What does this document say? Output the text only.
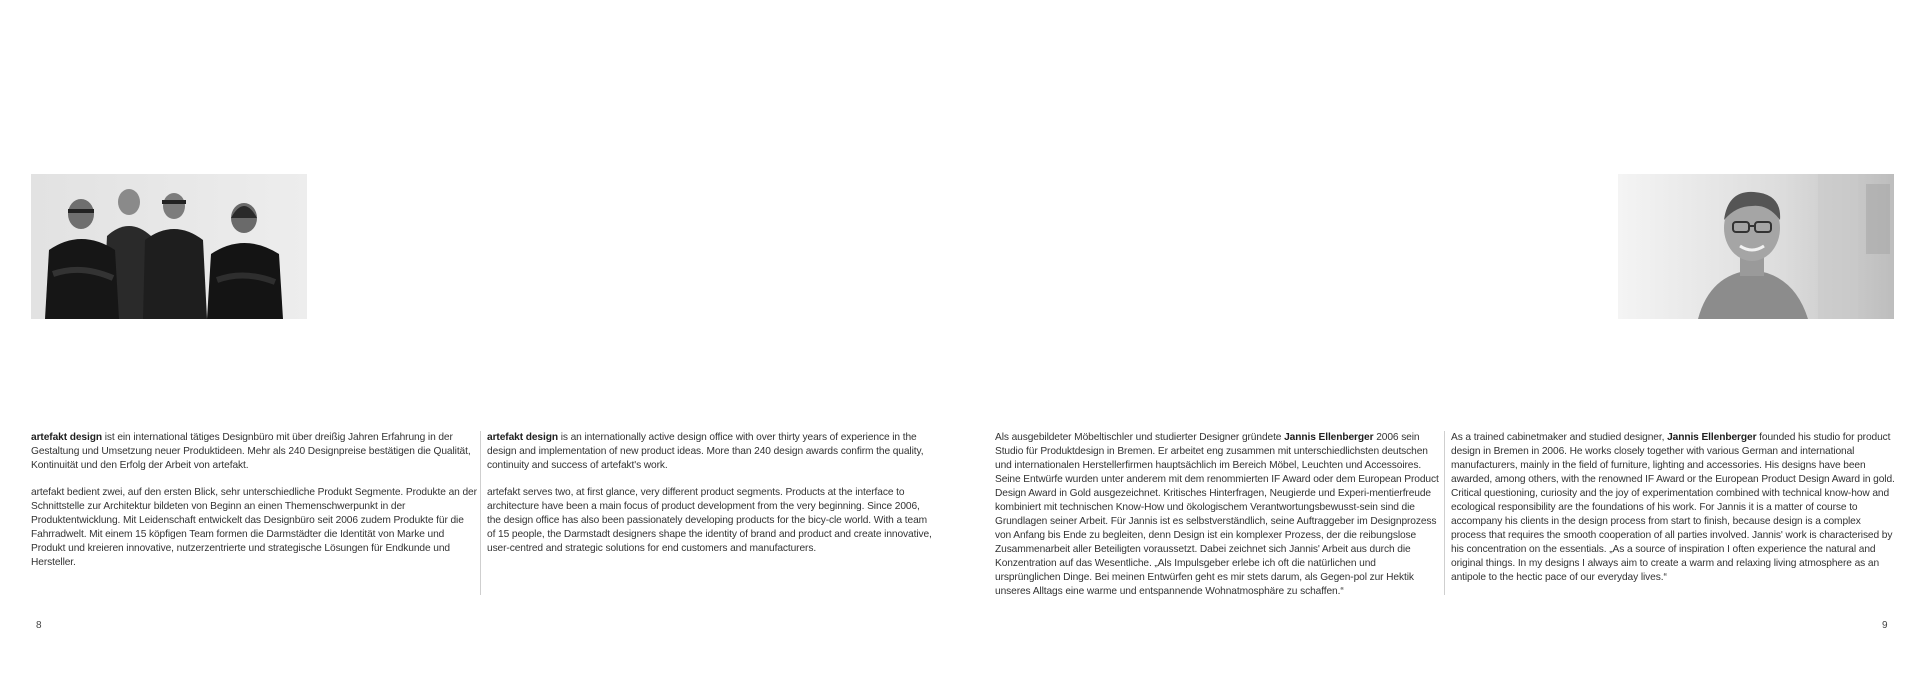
artefakt design ist ein international tätiges Designbüro mit über dreißig Jahren Erfahrung in der Gestaltung und Umsetzung neuer Produktideen. Mehr als 240 Designpreise bestätigen die Qualität, Kontinuität und den Erfolg der Arbeit von artefakt.

artefakt bedient zwei, auf den ersten Blick, sehr unterschiedliche Produkt Segmente. Produkte an der Schnittstelle zur Architektur bildeten von Beginn an einen Themenschwerpunkt in der Produktentwicklung. Mit Leidenschaft entwickelt das Designbüro seit 2006 zudem Produkte für die Fahrradwelt. Mit einem 15 köpfigen Team formen die Darmstädter die Identität von Marke und Produkt und kreieren innovative, nutzerzentrierte und strategische Lösungen für Endkunde und Hersteller.

artefakt design is an internationally active design office with over thirty years of experience in the design and implementation of new product ideas. More than 240 design awards confirm the quality, continuity and success of artefakt's work.

artefakt serves two, at first glance, very different product segments. Products at the interface to architecture have been a main focus of product development from the very beginning. Since 2006, the design office has also been passionately developing products for the bicy-cle world. With a team of 15 people, the Darmstadt designers shape the identity of brand and product and create innovative, user-centred and strategic solutions for end customers and manufacturers.

Als ausgebildeter Möbeltischler und studierter Designer gründete Jannis Ellenberger 2006 sein Studio für Produktdesign in Bremen. Er arbeitet eng zusammen mit unterschiedlichsten deutschen und internationalen Herstellerfirmen hauptsächlich im Bereich Möbel, Leuchten und Accessoires. Seine Entwürfe wurden unter anderem mit dem renommierten IF Award oder dem European Product Design Award in Gold ausgezeichnet. Kritisches Hinterfragen, Neugierde und Experi-mentierfreude kombiniert mit technischen Know-How und ökologischem Verantwortungsbewusst-sein sind die Grundlagen seiner Arbeit. Für Jannis ist es selbstverständlich, seine Auftraggeber im Designprozess von Anfang bis Ende zu begleiten, denn Design ist ein komplexer Prozess, der die reibungslose Zusammenarbeit aller Beteiligten voraussetzt. Dabei zeichnet sich Jannis' Arbeit aus durch die Konzentration auf das Wesentliche. „Als Impulsgeber erlebe ich oft die natürlichen und ursprünglichen Dinge. Bei meinen Entwürfen geht es mir stets darum, als Gegen-pol zur Hektik unseres Alltags eine warme und entspannende Wohnatmosphäre zu schaffen.“

As a trained cabinetmaker and studied designer, Jannis Ellenberger founded his studio for product design in Bremen in 2006. He works closely together with various German and international manufacturers, mainly in the field of furniture, lighting and accessories. His designs have been awarded, among others, with the renowned IF Award or the European Product Design Award in gold. Critical questioning, curiosity and the joy of experimentation combined with technical know-how and ecological responsibility are the foundations of his work. For Jannis it is a matter of course to accompany his clients in the design process from start to finish, because design is a complex process that requires the smooth cooperation of all parties involved. Jannis' work is characterised by his concentration on the essentials. „As a source of inspiration I often experience the natural and original things. In my designs I always aim to create a warm and relaxing living atmosphere as an antipole to the hectic pace of our everyday lives.“

8	9
